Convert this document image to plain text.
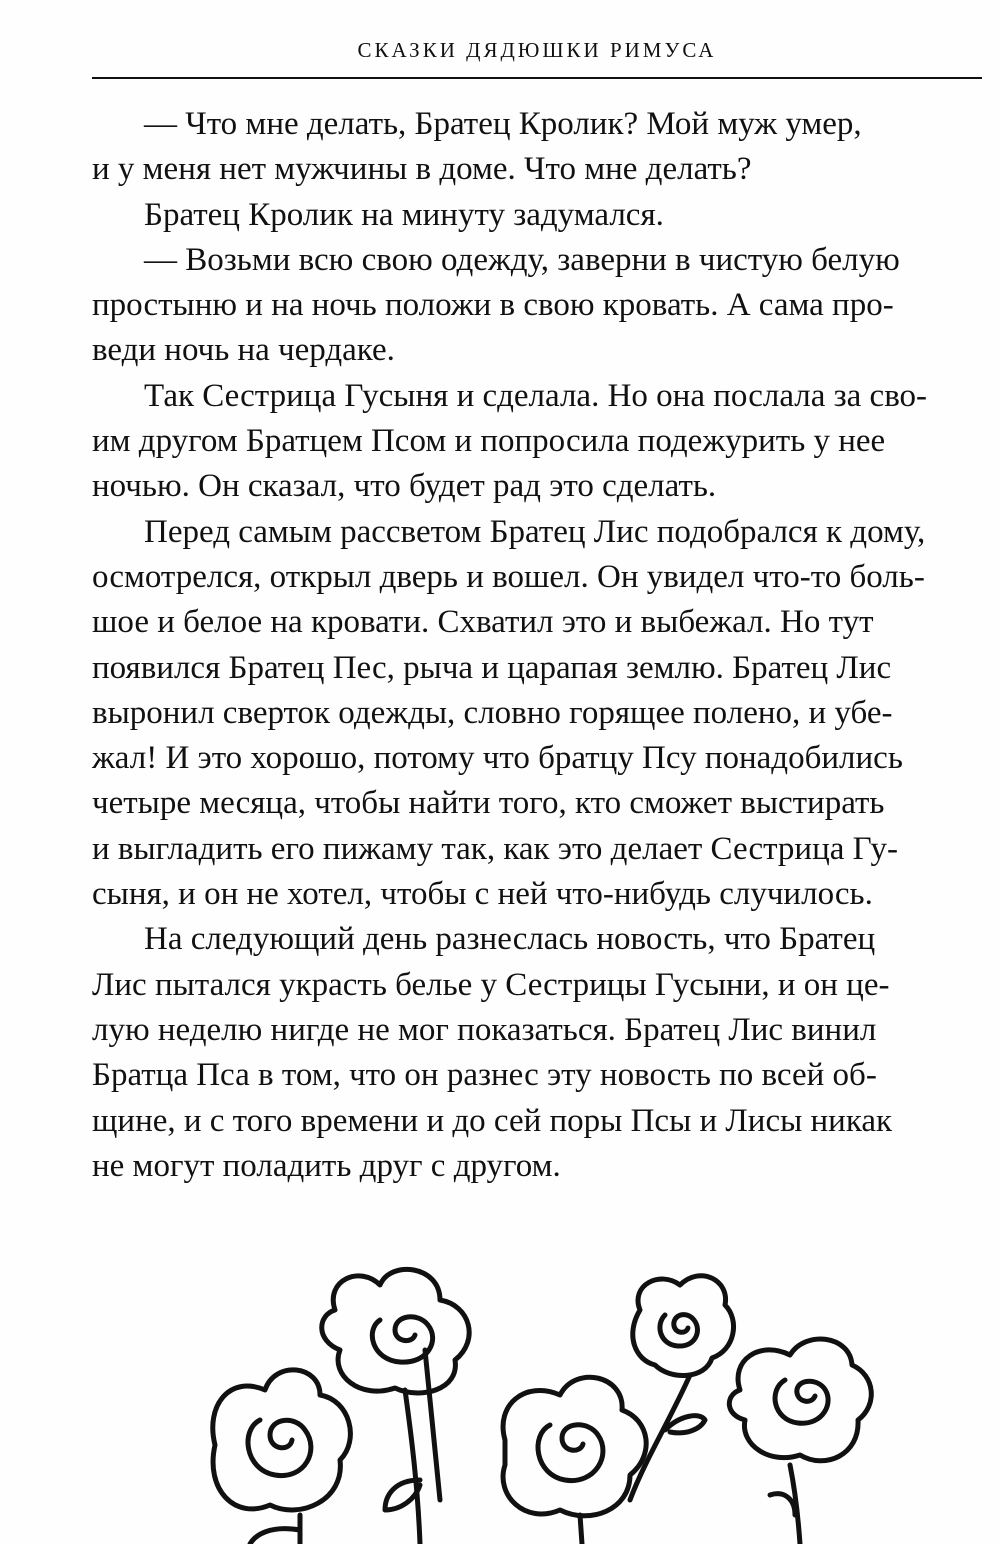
СКАЗКИ ДЯДЮШКИ РИМУСА
— Что мне делать, Братец Кролик? Мой муж умер,
и у меня нет мужчины в доме. Что мне делать?
Братец Кролик на минуту задумался.
— Возьми всю свою одежду, заверни в чистую белую
простыню и на ночь положи в свою кровать. А сама про-
веди ночь на чердаке.
Так Сестрица Гусыня и сделала. Но она послала за сво-
им другом Братцем Псом и попросила подежурить у нее
ночью. Он сказал, что будет рад это сделать.
Перед самым рассветом Братец Лис подобрался к дому,
осмотрелся, открыл дверь и вошел. Он увидел что-то боль-
шое и белое на кровати. Схватил это и выбежал. Но тут
появился Братец Пес, рыча и царапая землю. Братец Лис
выронил сверток одежды, словно горящее полено, и убе-
жал! И это хорошо, потому что братцу Псу понадобились
четыре месяца, чтобы найти того, кто сможет выстирать
и выгладить его пижаму так, как это делает Сестрица Гу-
сыня, и он не хотел, чтобы с ней что-нибудь случилось.
На следующий день разнеслась новость, что Братец
Лис пытался украсть белье у Сестрицы Гусыни, и он це-
лую неделю нигде не мог показаться. Братец Лис винил
Братца Пса в том, что он разнес эту новость по всей об-
щине, и с того времени и до сей поры Псы и Лисы никак
не могут поладить друг с другом.
